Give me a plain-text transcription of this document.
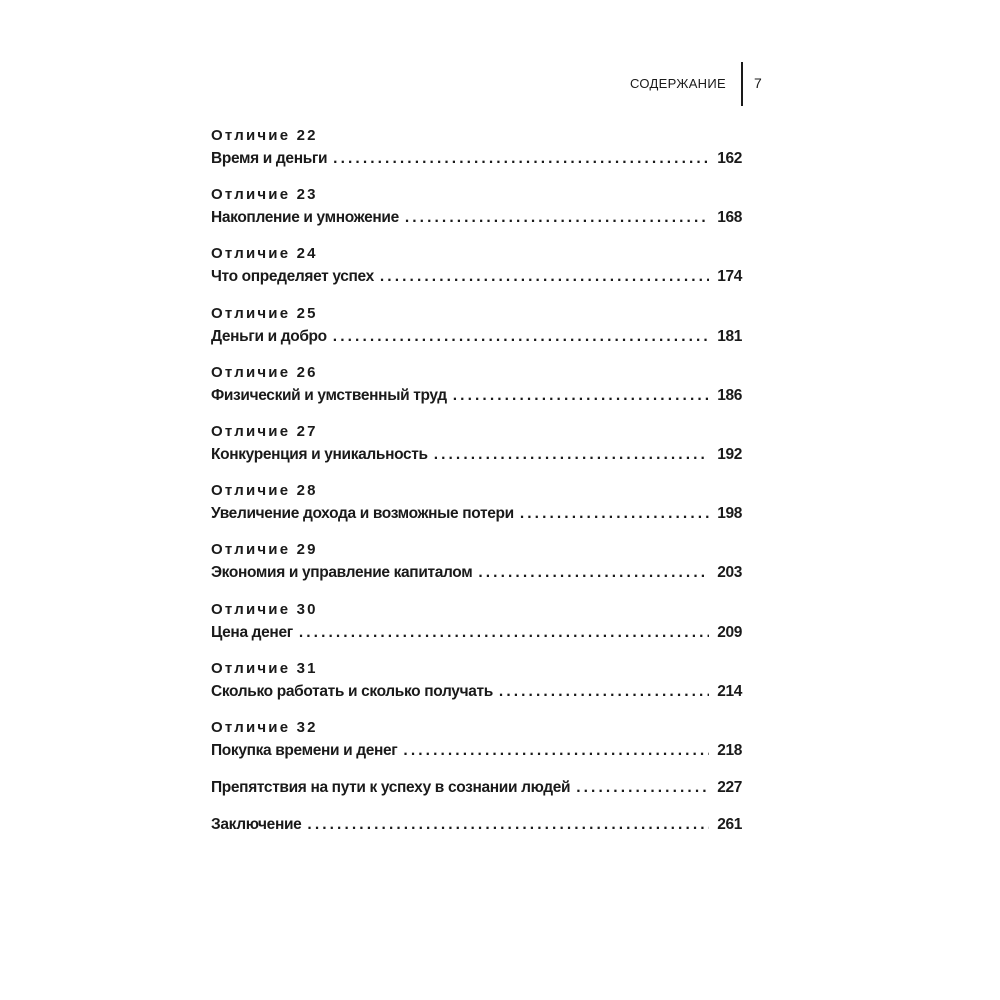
СОДЕРЖАНИЕ 7
Отличие 22
Время и деньги . . .	162
Отличие 23
Накопление и умножение . . .	168
Отличие 24
Что определяет успех . . .	174
Отличие 25
Деньги и добро . . .	181
Отличие 26
Физический и умственный труд . . .	186
Отличие 27
Конкуренция и уникальность . . .	192
Отличие 28
Увеличение дохода и возможные потери . . .	198
Отличие 29
Экономия и управление капиталом . . .	203
Отличие 30
Цена денег . . .	209
Отличие 31
Сколько работать и сколько получать . . .	214
Отличие 32
Покупка времени и денег . . .	218
Препятствия на пути к успеху в сознании людей . . .	227
Заключение . . .	261
